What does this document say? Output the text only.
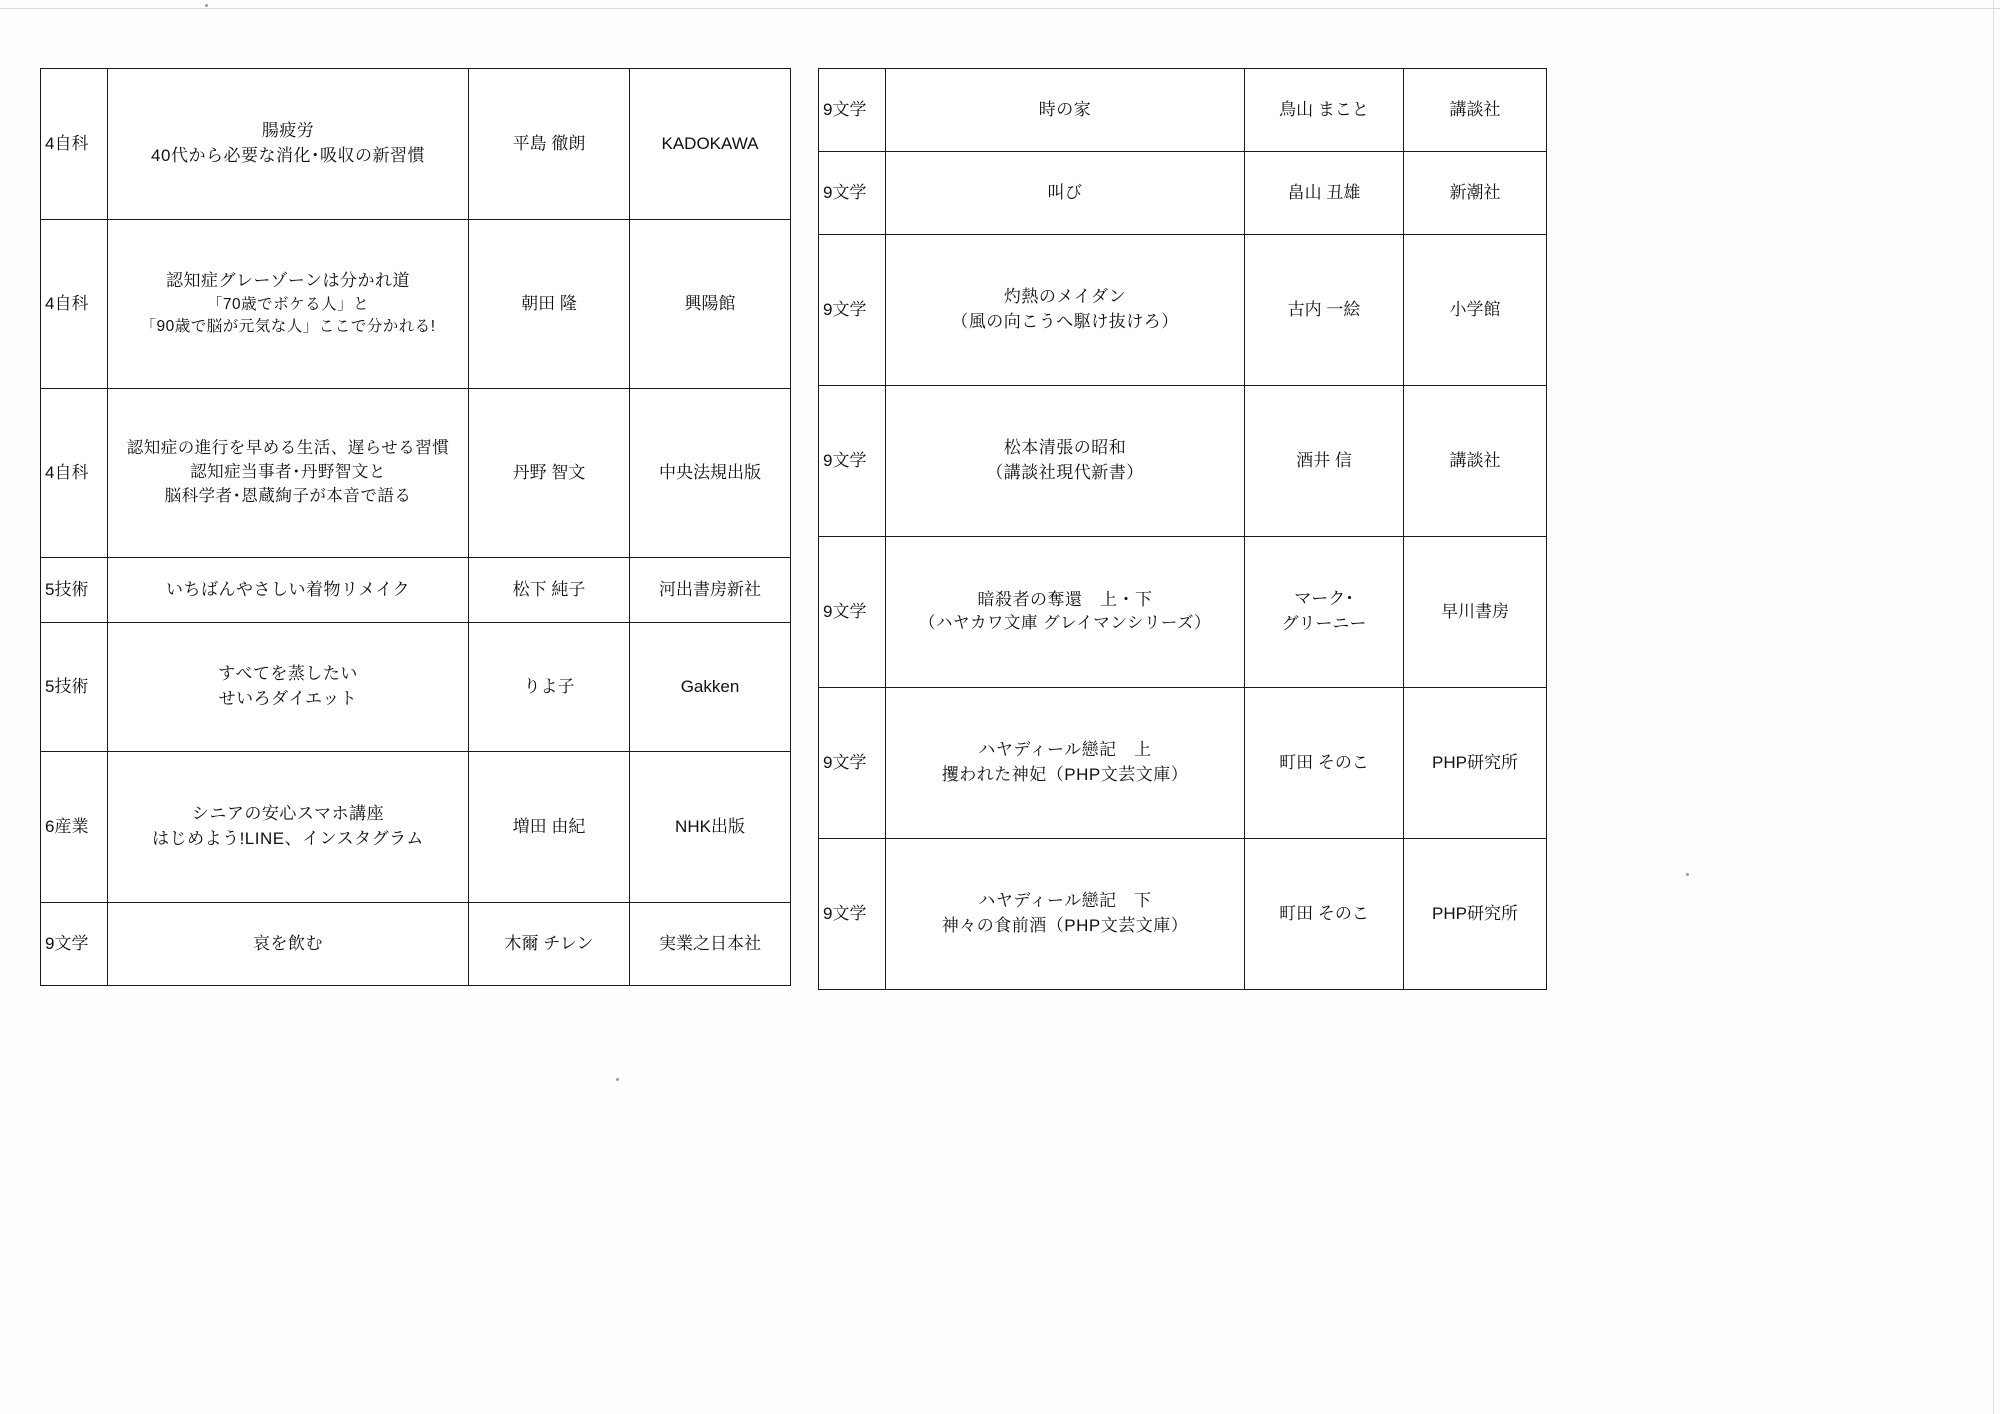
4自科	腸疲労
40代から必要な消化･吸収の新習慣	平島 徹朗	KADOKAWA
4自科	認知症グレーゾーンは分かれ道
「70歳でボケる人」と
「90歳で脳が元気な人」ここで分かれる!	朝田 隆	興陽館
4自科	認知症の進行を早める生活、遅らせる習慣
認知症当事者･丹野智文と
脳科学者･恩蔵絢子が本音で語る	丹野 智文	中央法規出版
5技術	いちばんやさしい着物リメイク	松下 純子	河出書房新社
5技術	すべてを蒸したい
せいろダイエット	りよ子	Gakken
6産業	シニアの安心スマホ講座
はじめよう!LINE、インスタグラム	増田 由紀	NHK出版
9文学	哀を飲む	木爾 チレン	実業之日本社
9文学	時の家	鳥山 まこと	講談社
9文学	叫び	畠山 丑雄	新潮社
9文学	灼熱のメイダン
（風の向こうへ駆け抜けろ）	古内 一絵	小学館
9文学	松本清張の昭和
（講談社現代新書）	酒井 信	講談社
9文学	暗殺者の奪還　上・下
（ハヤカワ文庫 グレイマンシリーズ）	マーク･
グリーニー	早川書房
9文学	ハヤディール戀記　上
攫われた神妃（PHP文芸文庫）	町田 そのこ	PHP研究所
9文学	ハヤディール戀記　下
神々の食前酒（PHP文芸文庫）	町田 そのこ	PHP研究所
